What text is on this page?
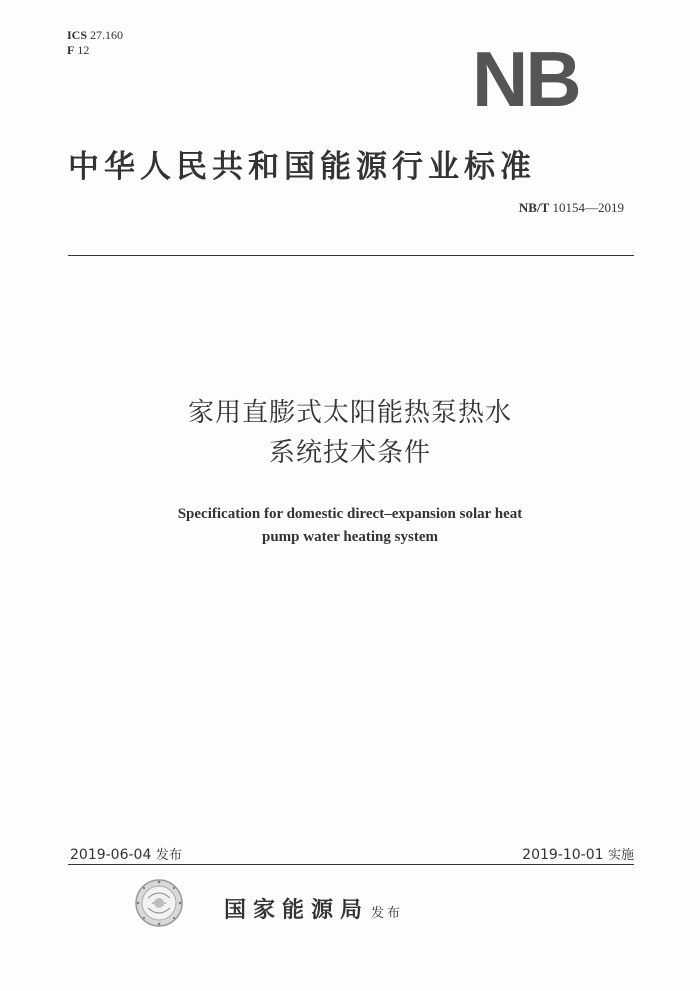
ICS 27.160
F 12	NB
中华人民共和国能源行业标准
NB/T 10154—2019
家用直膨式太阳能热泵热水
系统技术条件
Specification for domestic direct–expansion solar heat
pump water heating system
2019-06-04 发布	2019-10-01 实施
国家能源局 发布
